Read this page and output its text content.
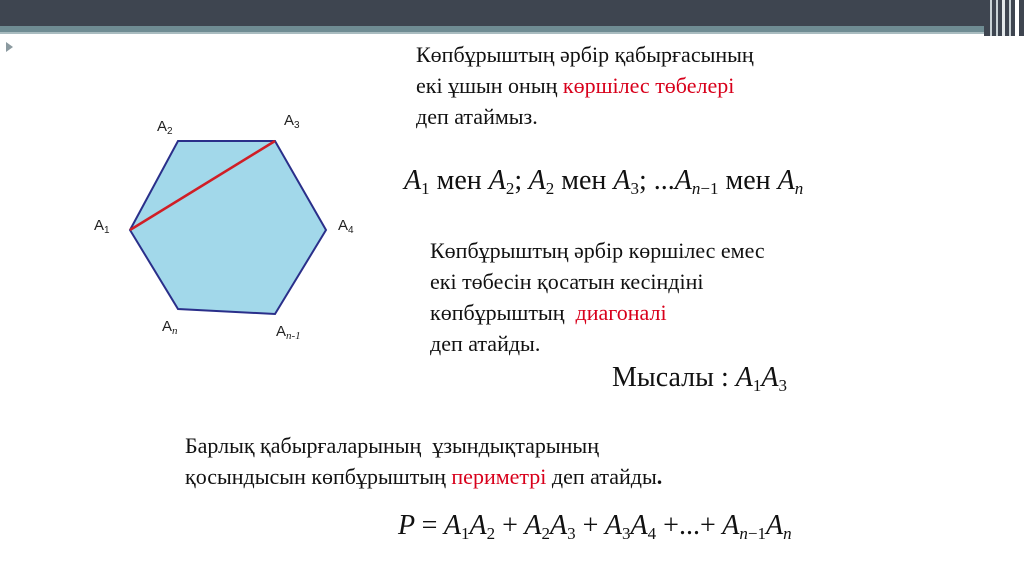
$A_2$
$A_3$
$A_1$	$A_4$
$A_n$	$A_{n-1}$
Көпбұрыштың әрбір қабырғасының
екі ұшын оның көршілес төбелері
деп атаймыз.
$A_1$ мен $A_2$; $A_2$ мен $A_3$; $...A_{n-1}$ мен $A_n$
Көпбұрыштың әрбір көршілес емес
екі төбесін қосатын кесіндіні
көпбұрыштың  диагоналі
деп атайды.
Мысалы : $A_1A_3$
Барлық қабырғаларының  ұзындықтарының
қосындысын көпбұрыштың периметрі деп атайды.
$P = A_1A_2 + A_2A_3 + A_3A_4$ +...+ $A_{n-1}A_n$
